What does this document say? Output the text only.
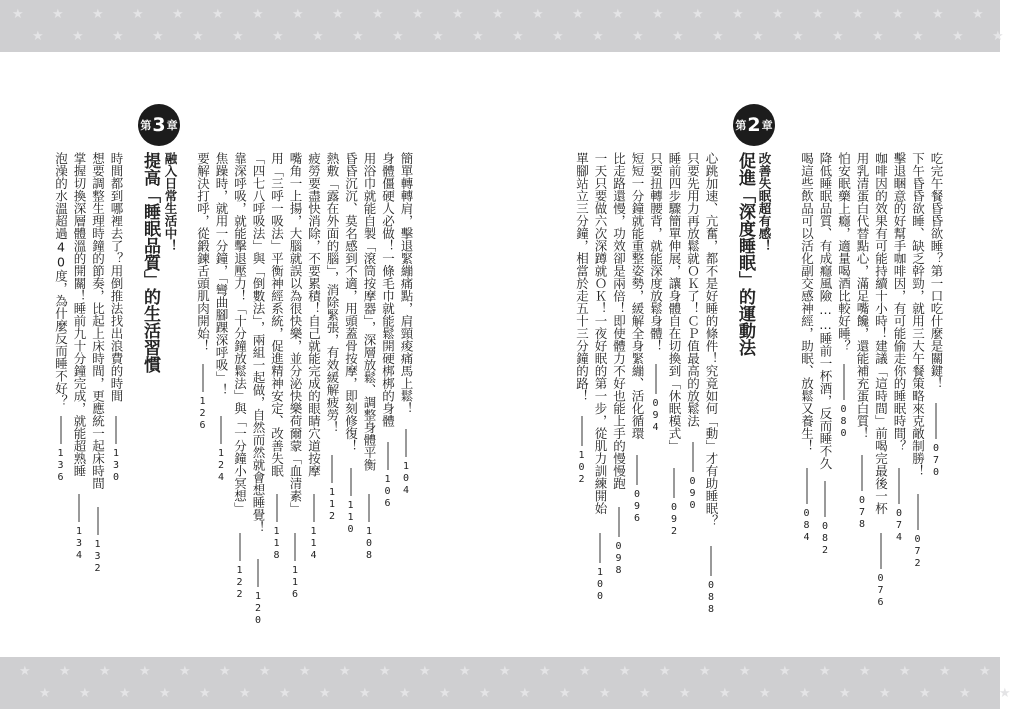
★ ★ ★ ★ ★ ★ ★ ★ ★ ★ ★ ★ ★ ★ ★ ★ ★ ★ ★ ★ ★ ★ ★ ★ ★
★ ★ ★ ★ ★ ★ ★ ★ ★ ★ ★ ★ ★ ★ ★ ★ ★ ★ ★ ★ ★ ★ ★ ★ ★
★ ★ ★ ★ ★ ★ ★ ★ ★ ★ ★ ★ ★ ★ ★ ★ ★ ★ ★ ★ ★ ★ ★ ★ ★
★ ★ ★ ★ ★ ★ ★ ★ ★ ★ ★ ★ ★ ★ ★ ★ ★ ★ ★ ★ ★ ★ ★ ★ ★
吃完午餐昏昏欲睡？第一口吃什麼是關鍵！
070
下午昏昏欲睡、缺乏幹勁，就用三大午餐策略來克敵制勝！
072
擊退睏意的好幫手咖啡因，有可能偷走你的睡眠時間？
074
咖啡因的效果有可能持續十小時！建議「這時間」前喝完最後一杯
076
用乳清蛋白代替點心，滿足嘴饞，還能補充蛋白質！
078
怕安眠藥上癮，適量喝酒比較好睡？
080
降低睡眠品質、有成癮風險……睡前一杯酒，反而睡不久
082
喝這些飲品可以活化副交感神經，助眠、放鬆又養生！
084
第 2 章
改善失眠超有感！
促進「深度睡眠」的運動法
心跳加速、亢奮，都不是好睡的條件！究竟如何「動」才有助睡眠？
088
只要先用力再放鬆就ＯＫ了！ＣＰ值最高的放鬆法
090
睡前四步驟簡單伸展，讓身體自在切換到「休眠模式」
092
只要扭轉腰背，就能深度放鬆身體！
094
短短一分鐘就能重整姿勢，緩解全身緊繃、活化循環
096
比走路還慢，功效卻是兩倍！即使體力不好也能上手的慢慢跑
098
一天只要做六次深蹲就ＯＫ！一夜好眠的第一步，從肌力訓練開始
100
單腳站立三分鐘，相當於走五十三分鐘的路！
102
簡單轉轉肩，擊退緊繃痛點，肩頸痠痛馬上鬆！
104
身體僵硬人必做！一條毛巾就能鬆開硬梆梆的身體
106
用浴巾就能自製「滾筒按摩器」，深層放鬆、調整身體平衡
108
昏昏沉沉、莫名感到不適，用頭蓋骨按摩，即刻修復！
110
熱敷「露在外面的腦」，消除緊張，有效緩解疲勞！
112
疲勞要盡快消除，不要累積！自己就能完成的眼睛穴道按摩
114
嘴角一上揚，大腦就誤以為很快樂，並分泌快樂荷爾蒙「血清素」
116
用「三呼一吸法」平衡神經系統，促進精神安定、改善失眠
118
「四七八呼吸法」與「倒數法」，兩組一起做，自然而然就會想睡覺！
120
靠深呼吸，就能擊退壓力！「十分鐘放鬆法」與「一分鐘小冥想」
122
焦躁時，就用一分鐘，「彎曲腳踝深呼吸」！
124
要解決打呼，從鍛鍊舌頭肌肉開始！
126
第 3 章
融入日常生活中！
提高「睡眠品質」的生活習慣
時間都到哪裡去了？用倒推法找出浪費的時間
130
想要調整生理時鐘的節奏，比起上床時間，更應統一起床時間
132
掌握切換深層體溫的開關！睡前九十分鐘完成，就能超熟睡
134
泡澡的水溫超過40度，為什麼反而睡不好？
136
